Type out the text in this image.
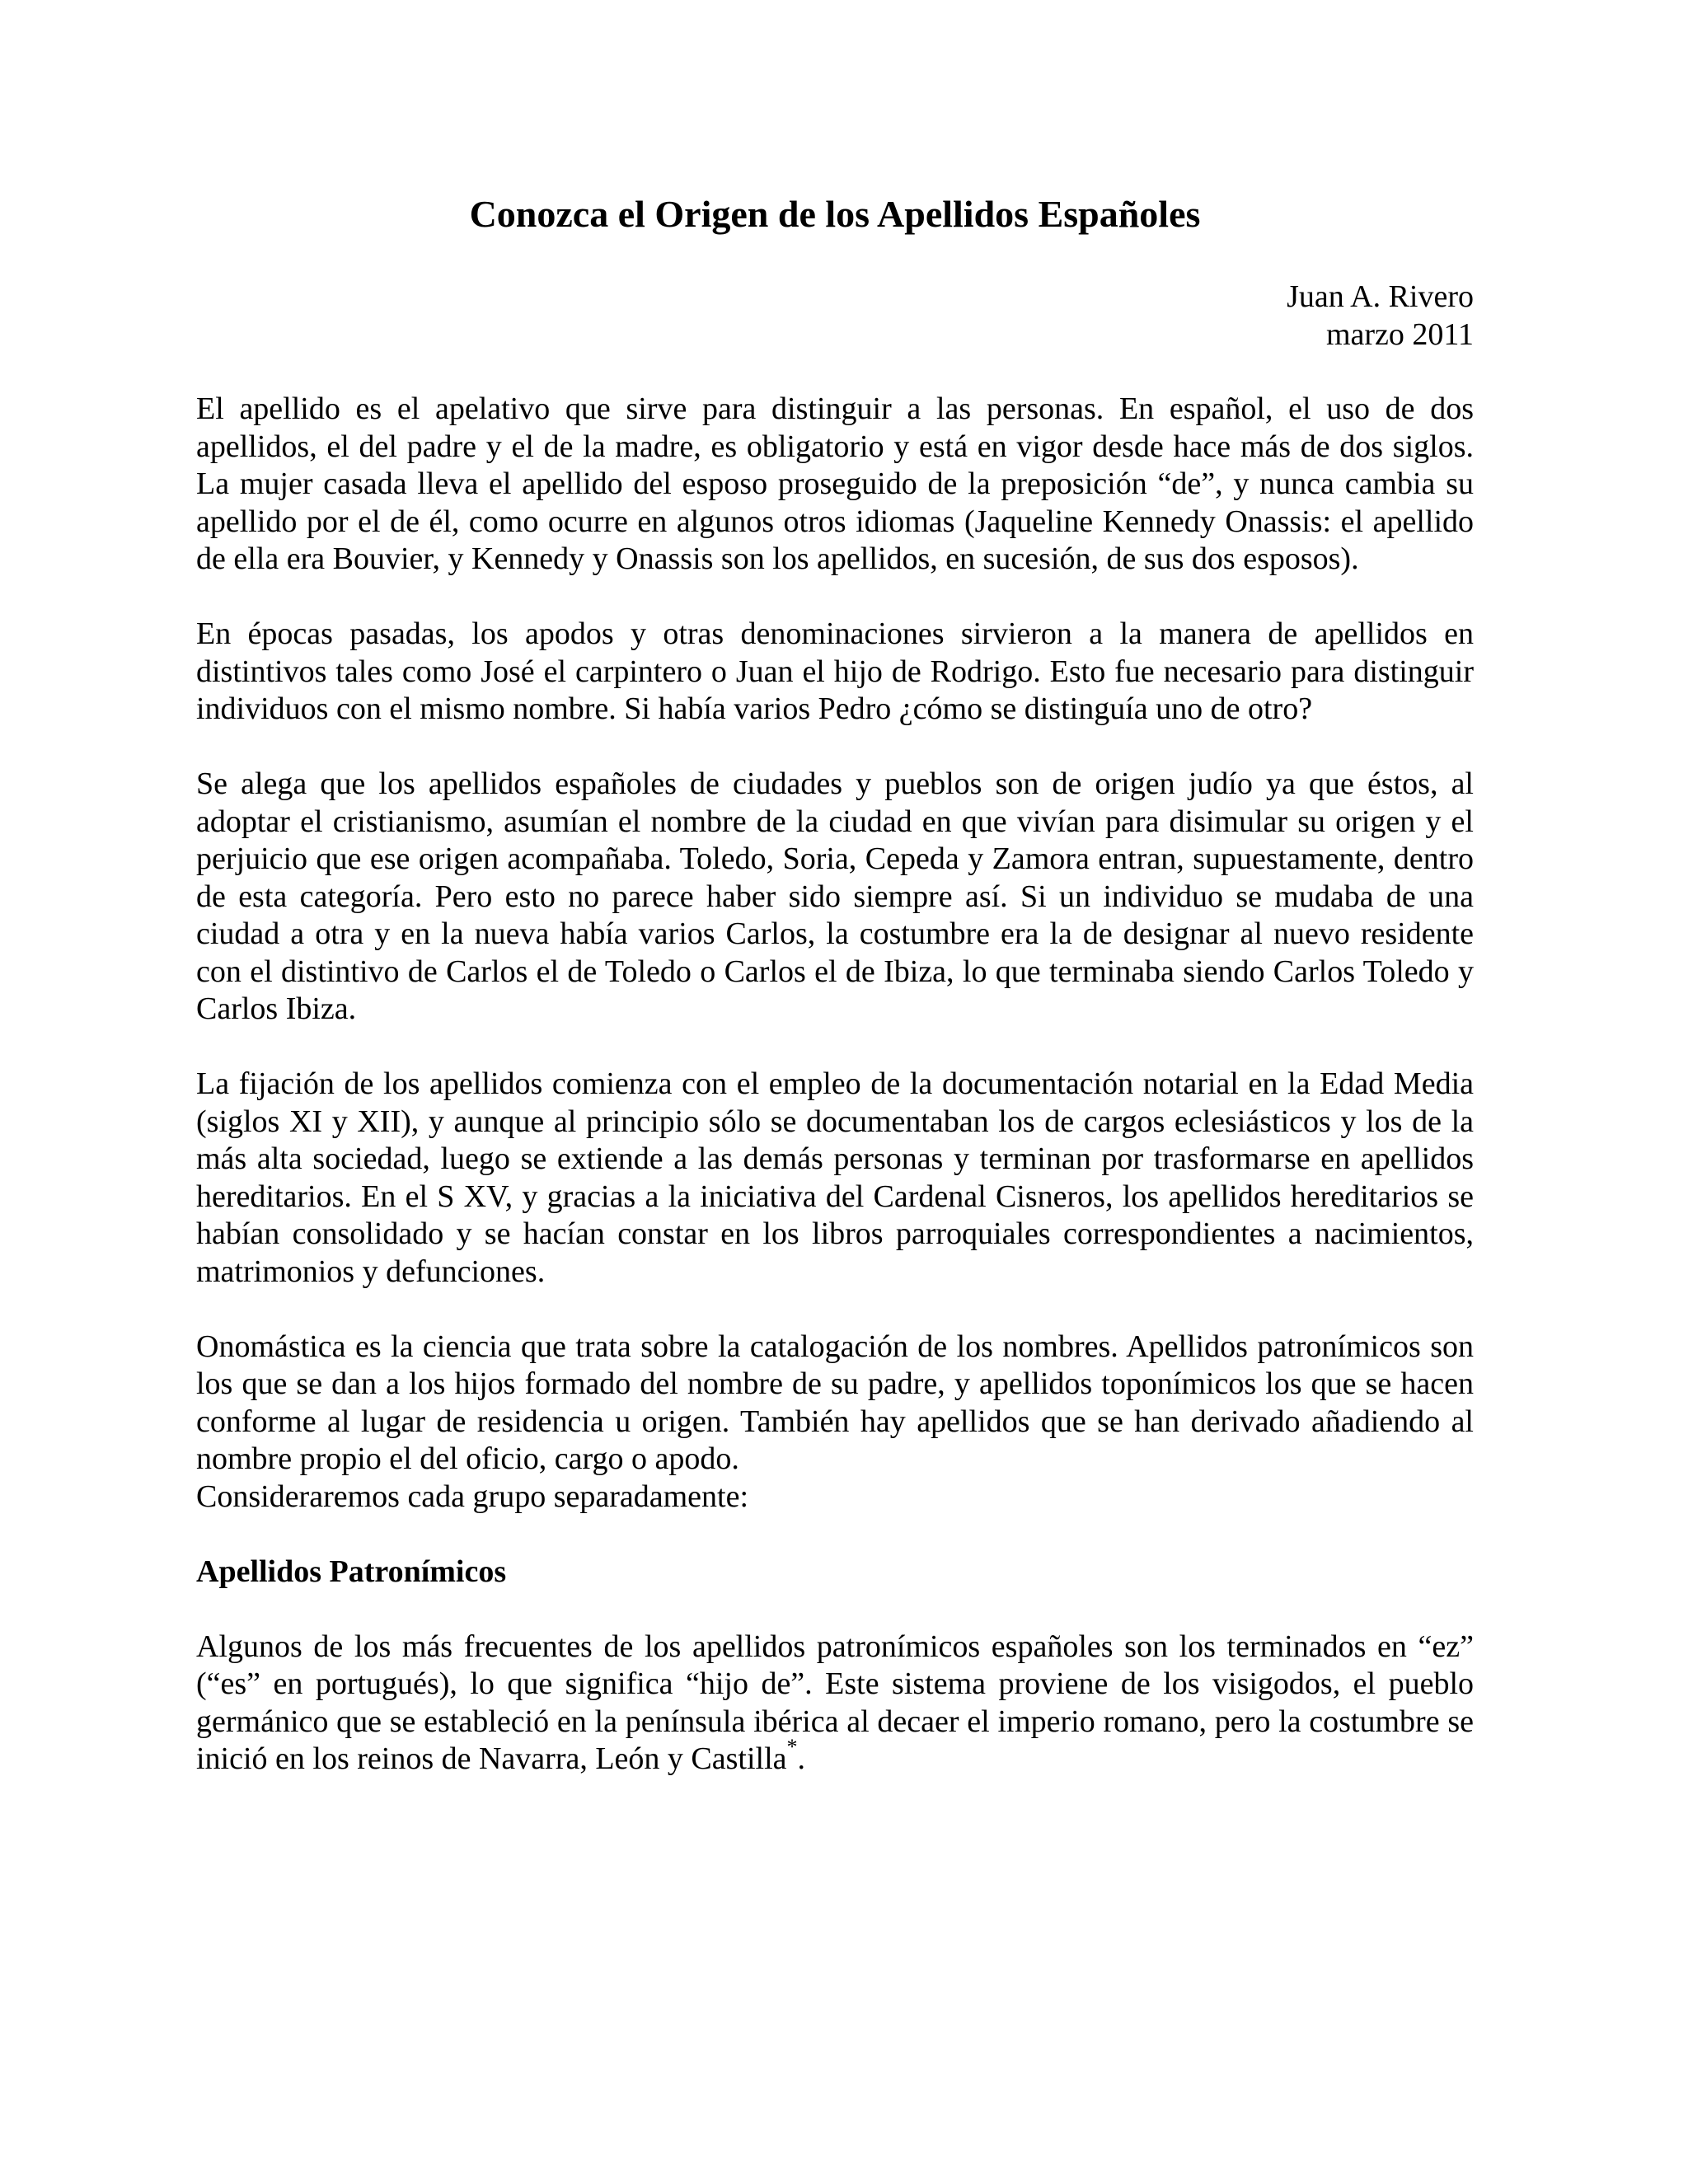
Conozca el Origen de los Apellidos Españoles
Juan A. Rivero
marzo 2011

El apellido es el apelativo que sirve para distinguir a las personas. En español, el uso de dos apellidos, el del padre y el de la madre, es obligatorio y está en vigor desde hace más de dos siglos. La mujer casada lleva el apellido del esposo proseguido de la preposición “de”, y nunca cambia su apellido por el de él, como ocurre en algunos otros idiomas (Jaqueline Kennedy Onassis: el apellido de ella era Bouvier, y Kennedy y Onassis son los apellidos, en sucesión, de sus dos esposos).

En épocas pasadas, los apodos y otras denominaciones sirvieron a la manera de apellidos en distintivos tales como José el carpintero o Juan el hijo de Rodrigo. Esto fue necesario para distinguir individuos con el mismo nombre. Si había varios Pedro ¿cómo se distinguía uno de otro?

Se alega que los apellidos españoles de ciudades y pueblos son de origen judío ya que éstos, al adoptar el cristianismo, asumían el nombre de la ciudad en que vivían para disimular su origen y el perjuicio que ese origen acompañaba. Toledo, Soria, Cepeda y Zamora entran, supuestamente, dentro de esta categoría. Pero esto no parece haber sido siempre así. Si un individuo se mudaba de una ciudad a otra y en la nueva había varios Carlos, la costumbre era la de designar al nuevo residente con el distintivo de Carlos el de Toledo o Carlos el de Ibiza, lo que terminaba siendo Carlos Toledo y Carlos Ibiza.

La fijación de los apellidos comienza con el empleo de la documentación notarial en la Edad Media (siglos XI y XII), y aunque al principio sólo se documentaban los de cargos eclesiásticos y los de la más alta sociedad, luego se extiende a las demás personas y terminan por trasformarse en apellidos hereditarios. En el S XV, y gracias a la iniciativa del Cardenal Cisneros, los apellidos hereditarios se habían consolidado y se hacían constar en los libros parroquiales correspondientes a nacimientos, matrimonios y defunciones.

Onomástica es la ciencia que trata sobre la catalogación de los nombres. Apellidos patronímicos son los que se dan a los hijos formado del nombre de su padre, y apellidos toponímicos los que se hacen conforme al lugar de residencia u origen. También hay apellidos que se han derivado añadiendo al nombre propio el del oficio, cargo o apodo.

Consideraremos cada grupo separadamente:

Apellidos Patronímicos

Algunos de los más frecuentes de los apellidos patronímicos españoles son los terminados en “ez” (“es” en portugués), lo que significa “hijo de”. Este sistema proviene de los visigodos, el pueblo germánico que se estableció en la península ibérica al decaer el imperio romano, pero la costumbre se inició en los reinos de Navarra, León y Castilla*.
